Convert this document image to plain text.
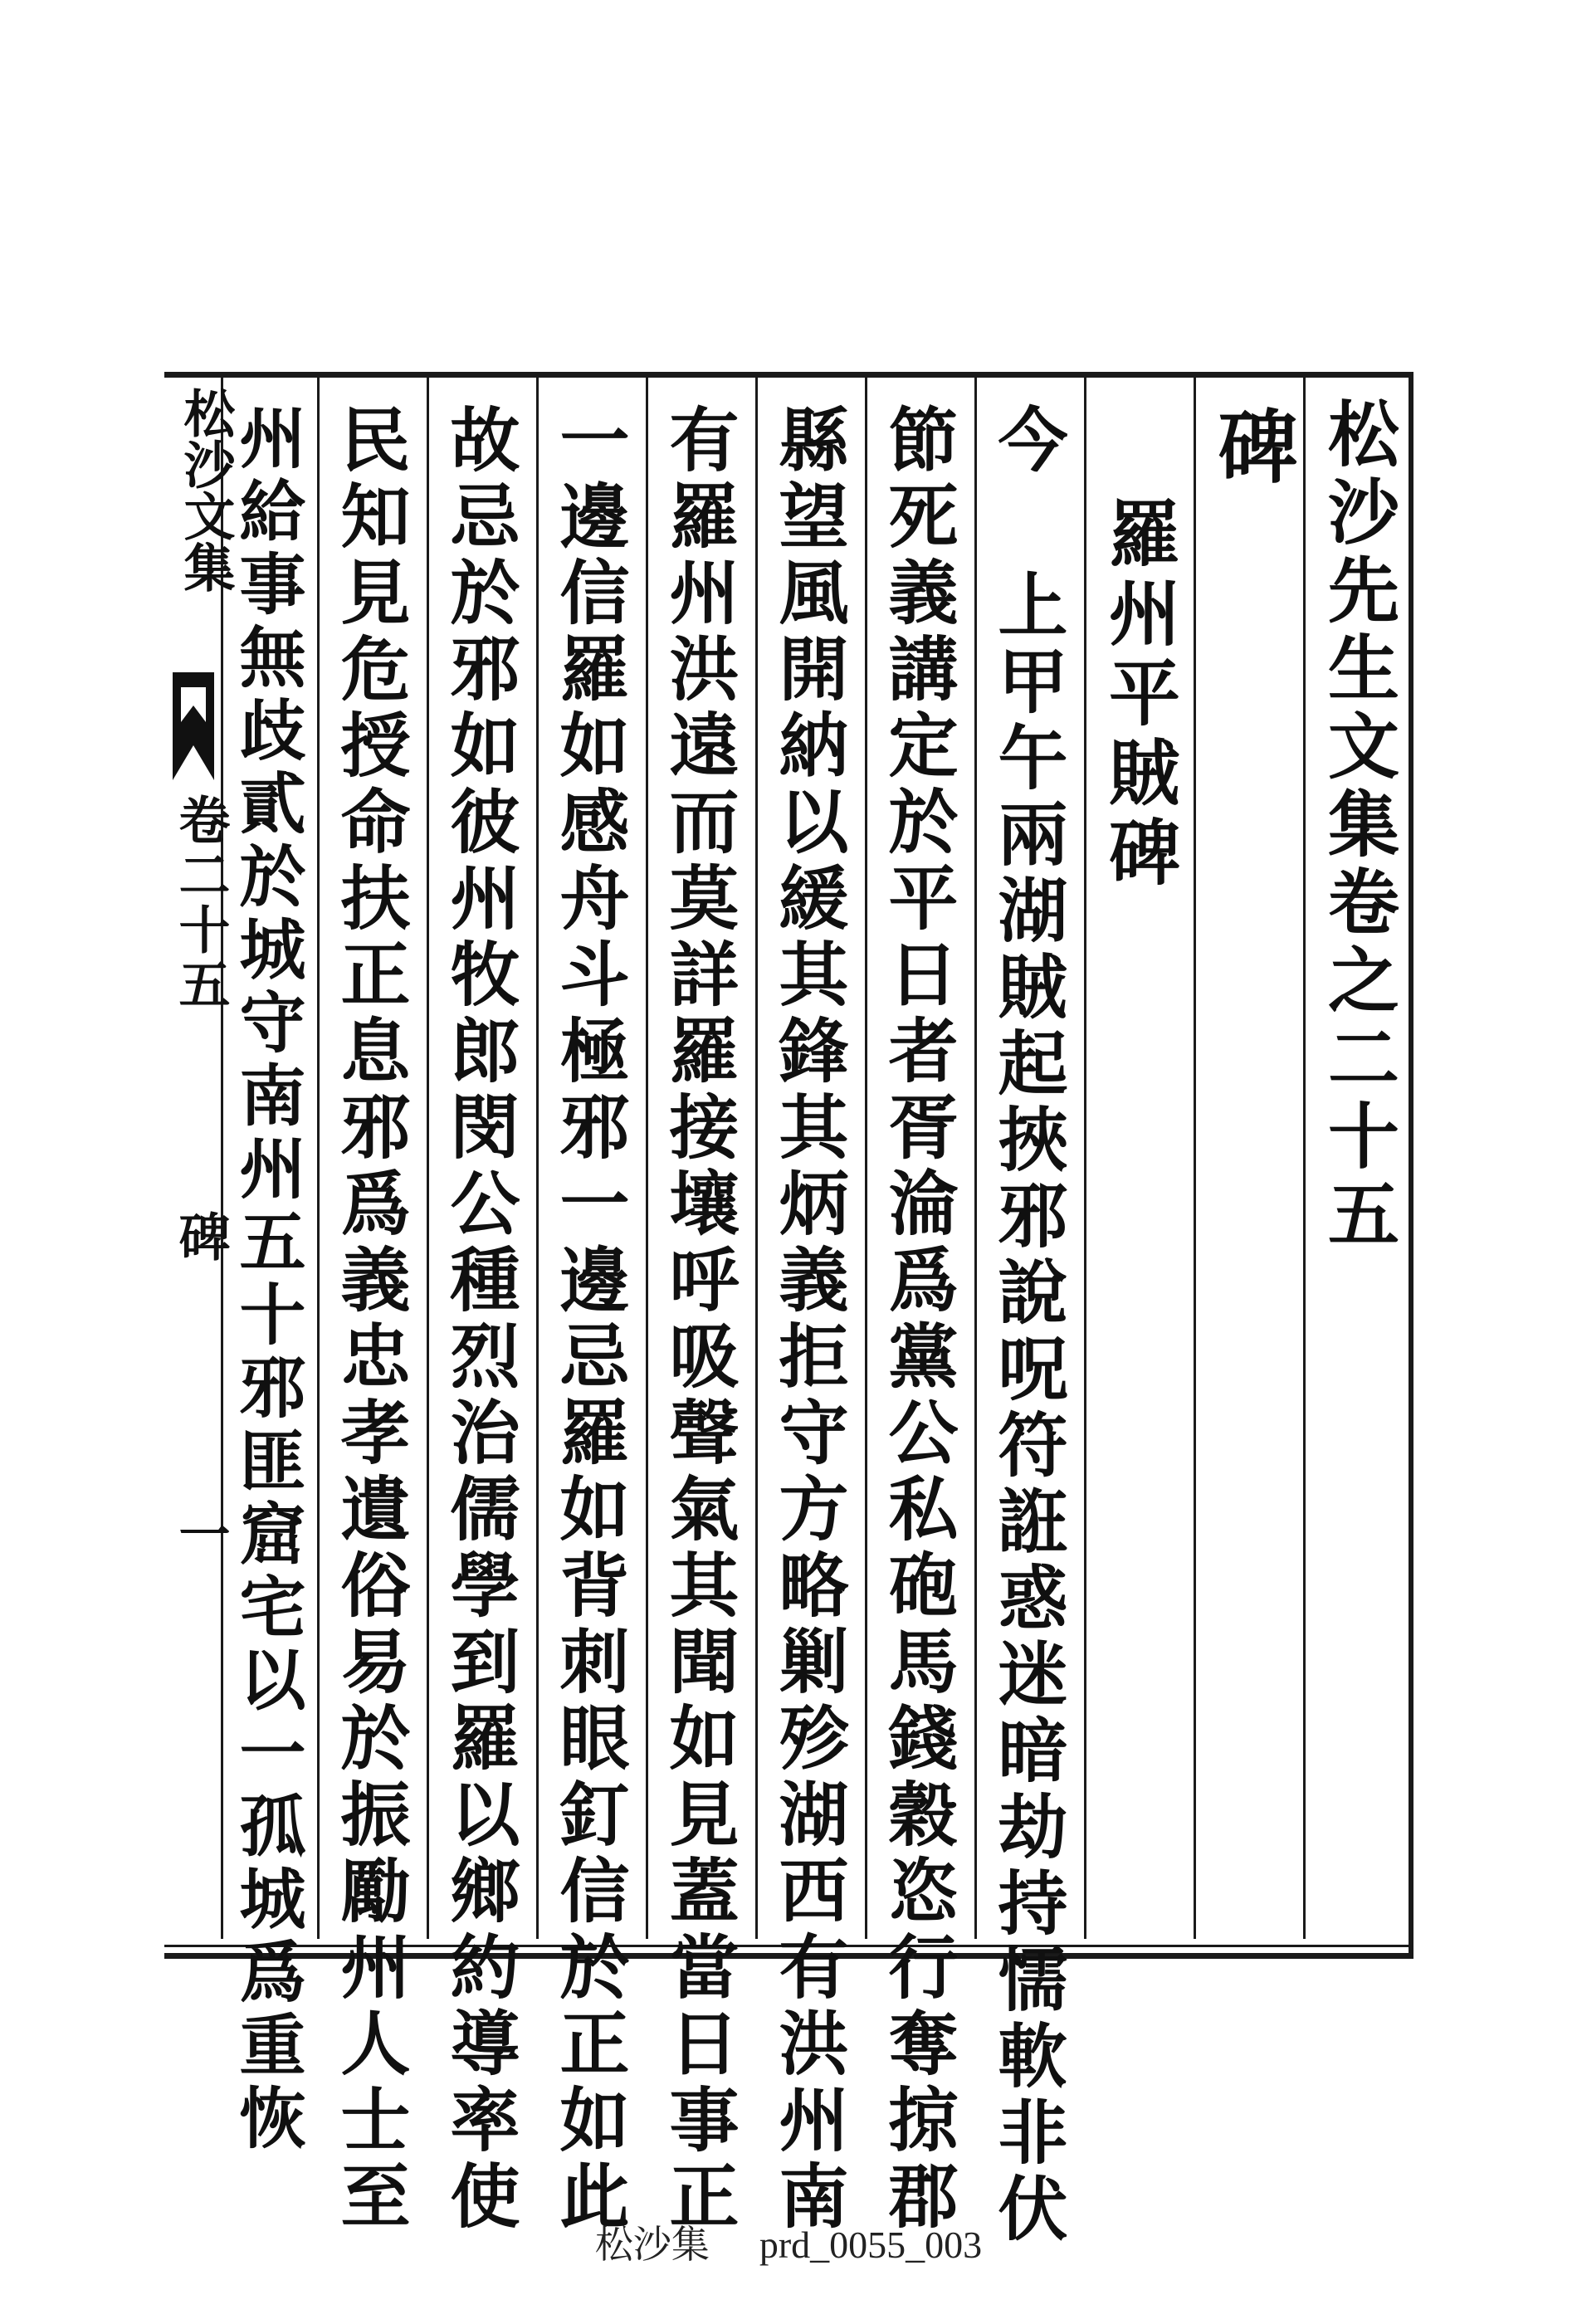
松沙先生文集卷之二十五
碑
羅州平賊碑
今 上甲午兩湖賊起挾邪說呪符誑惑迷暗劫持懦軟非伏
節死義講定於平日者胥淪爲黨公私砲馬錢穀恣行奪掠郡
縣望風開納以緩其鋒其炳義拒守方略剿殄湖西有洪州南
有羅州洪遠而莫詳羅接壤呼吸聲氣其聞如見蓋當日事正
一邊信羅如感舟斗極邪一邊忌羅如背刺眼釘信於正如此
故忌於邪如彼州牧郎閔公種烈治儒學到羅以鄉約導率使
民知見危授命扶正息邪爲義忠孝遺俗易於振勵州人士至
州給事無歧貳於城守南州五十邪匪窟宅以一孤城爲重恢
松沙文集
卷二十五
碑
一
松沙集 prd_0055_003
